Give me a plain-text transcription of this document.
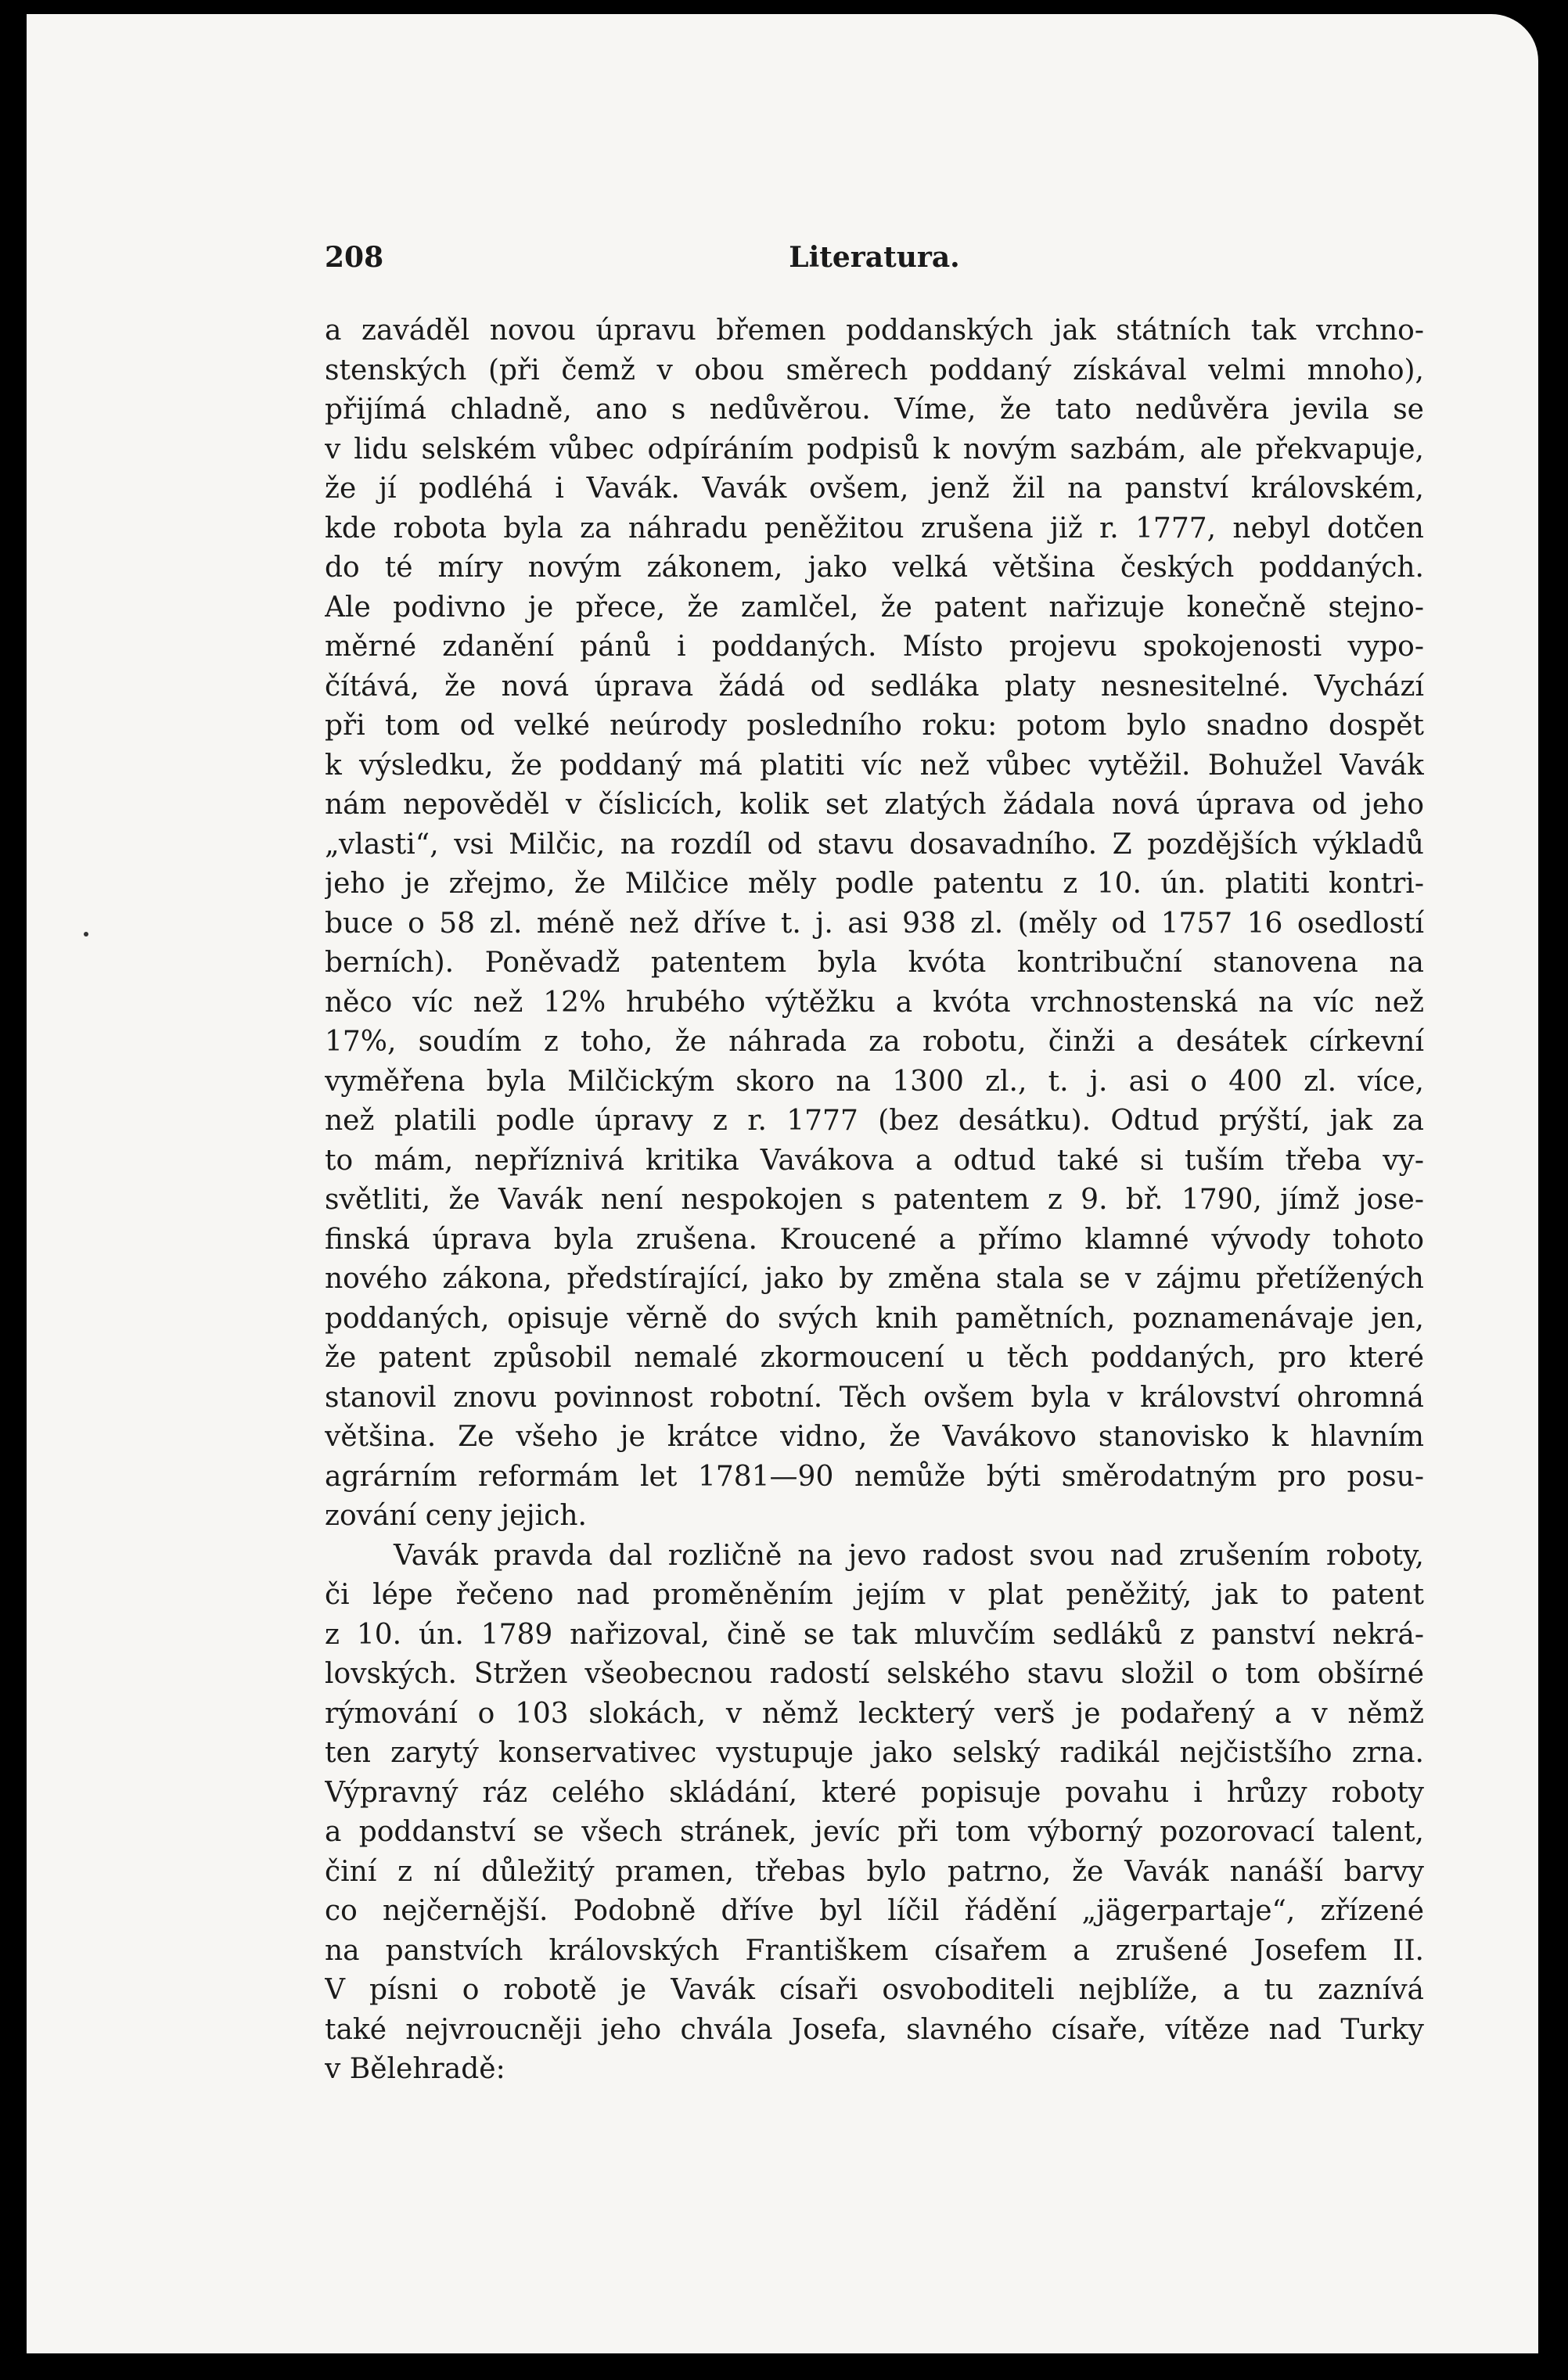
208	Literatura.
a zaváděl novou úpravu břemen poddanských jak státních tak vrchno-
stenských (při čemž v obou směrech poddaný získával velmi mnoho),
přijímá chladně, ano s nedůvěrou. Víme, že tato nedůvěra jevila se
v lidu selském vůbec odpíráním podpisů k novým sazbám, ale překvapuje,
že jí podléhá i Vavák. Vavák ovšem, jenž žil na panství královském,
kde robota byla za náhradu peněžitou zrušena již r. 1777, nebyl dotčen
do té míry novým zákonem, jako velká většina českých poddaných.
Ale podivno je přece, že zamlčel, že patent nařizuje konečně stejno-
měrné zdanění pánů i poddaných. Místo projevu spokojenosti vypo-
čítává, že nová úprava žádá od sedláka platy nesnesitelné. Vychází
při tom od velké neúrody posledního roku: potom bylo snadno dospět
k výsledku, že poddaný má platiti víc než vůbec vytěžil. Bohužel Vavák
nám nepověděl v číslicích, kolik set zlatých žádala nová úprava od jeho
„vlasti“, vsi Milčic, na rozdíl od stavu dosavadního. Z pozdějších výkladů
jeho je zřejmo, že Milčice měly podle patentu z 10. ún. platiti kontri-
buce o 58 zl. méně než dříve t. j. asi 938 zl. (měly od 1757 16 osedlostí
berních). Poněvadž patentem byla kvóta kontribuční stanovena na
něco víc než 12% hrubého výtěžku a kvóta vrchnostenská na víc než
17%, soudím z toho, že náhrada za robotu, činži a desátek církevní
vyměřena byla Milčickým skoro na 1300 zl., t. j. asi o 400 zl. více,
než platili podle úpravy z r. 1777 (bez desátku). Odtud prýští, jak za
to mám, nepříznivá kritika Vavákova a odtud také si tuším třeba vy-
světliti, že Vavák není nespokojen s patentem z 9. bř. 1790, jímž jose-
finská úprava byla zrušena. Kroucené a přímo klamné vývody tohoto
nového zákona, předstírající, jako by změna stala se v zájmu přetížených
poddaných, opisuje věrně do svých knih pamětních, poznamenávaje jen,
že patent způsobil nemalé zkormoucení u těch poddaných, pro které
stanovil znovu povinnost robotní. Těch ovšem byla v království ohromná
většina. Ze všeho je krátce vidno, že Vavákovo stanovisko k hlavním
agrárním reformám let 1781—90 nemůže býti směrodatným pro posu-
zování ceny jejich.
Vavák pravda dal rozličně na jevo radost svou nad zrušením roboty,
či lépe řečeno nad proměněním jejím v plat peněžitý, jak to patent
z 10. ún. 1789 nařizoval, čině se tak mluvčím sedláků z panství nekrá-
lovských. Stržen všeobecnou radostí selského stavu složil o tom obšírné
rýmování o 103 slokách, v němž leckterý verš je podařený a v němž
ten zarytý konservativec vystupuje jako selský radikál nejčistšího zrna.
Výpravný ráz celého skládání, které popisuje povahu i hrůzy roboty
a poddanství se všech stránek, jevíc při tom výborný pozorovací talent,
činí z ní důležitý pramen, třebas bylo patrno, že Vavák nanáší barvy
co nejčernější. Podobně dříve byl líčil řádění „jägerpartaje“, zřízené
na panstvích královských Františkem císařem a zrušené Josefem II.
V písni o robotě je Vavák císaři osvoboditeli nejblíže, a tu zaznívá
také nejvroucněji jeho chvála Josefa, slavného císaře, vítěze nad Turky
v Bělehradě:
